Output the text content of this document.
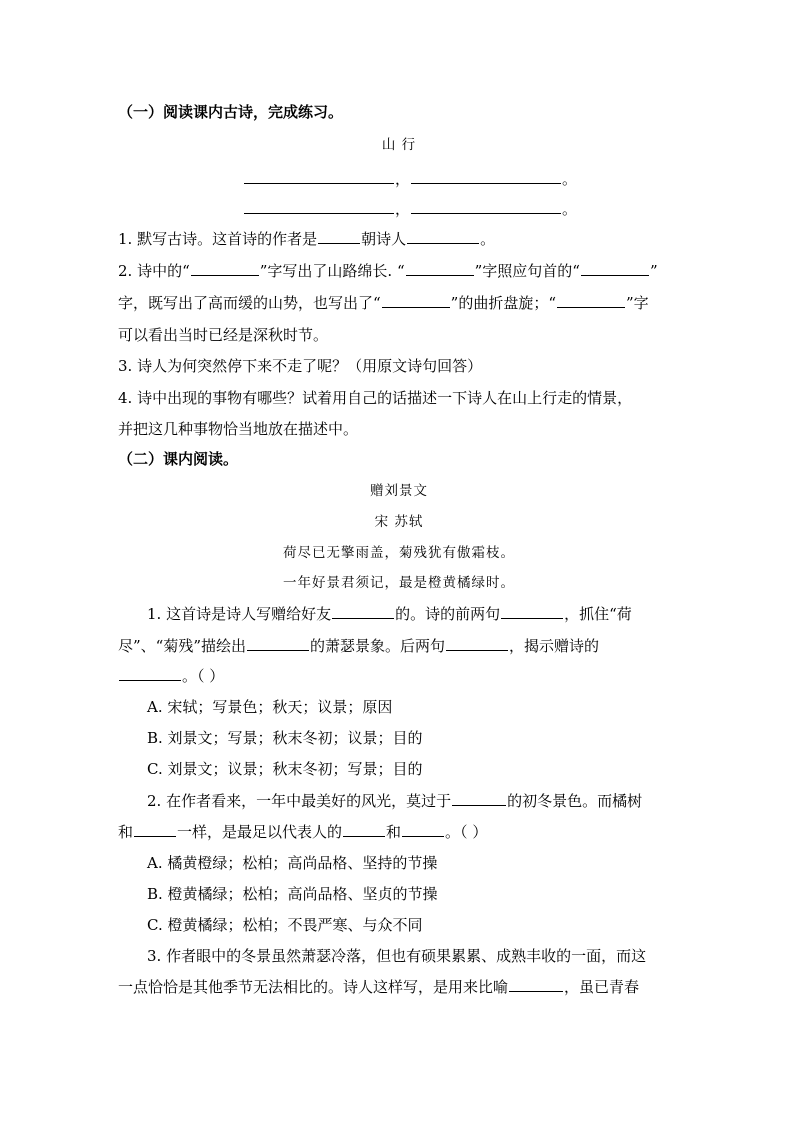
（一）阅读课内古诗，完成练习。
山 行
，	。
，	。
1. 默写古诗。这首诗的作者是	朝诗人	。
2. 诗中的“	”字写出了山路绵长. “	”字照应句首的“	”
字，既写出了高而缓的山势，也写出了“	”的曲折盘旋；“	”字
可以看出当时已经是深秋时节。
3. 诗人为何突然停下来不走了呢？（用原文诗句回答）
4. 诗中出现的事物有哪些？试着用自己的话描述一下诗人在山上行走的情景，
并把这几种事物恰当地放在描述中。
（二）课内阅读。
赠刘景文
宋 苏轼
荷尽已无擎雨盖，菊残犹有傲霜枝。
一年好景君须记，最是橙黄橘绿时。
1. 这首诗是诗人写赠给好友	的。诗的前两句	，抓住“荷
尽”、“菊残”描绘出	的萧瑟景象。后两句	，揭示赠诗的
。（ ）
A. 宋轼；写景色；秋天；议景；原因
B. 刘景文；写景；秋末冬初；议景；目的
C. 刘景文；议景；秋末冬初；写景；目的
2. 在作者看来，一年中最美好的风光，莫过于	的初冬景色。而橘树
和	一样，是最足以代表人的	和	。（ ）
A. 橘黄橙绿；松柏；高尚品格、坚持的节操
B. 橙黄橘绿；松柏；高尚品格、坚贞的节操
C. 橙黄橘绿；松柏；不畏严寒、与众不同
3. 作者眼中的冬景虽然萧瑟冷落，但也有硕果累累、成熟丰收的一面，而这
一点恰恰是其他季节无法相比的。诗人这样写，是用来比喻	，虽已青春
